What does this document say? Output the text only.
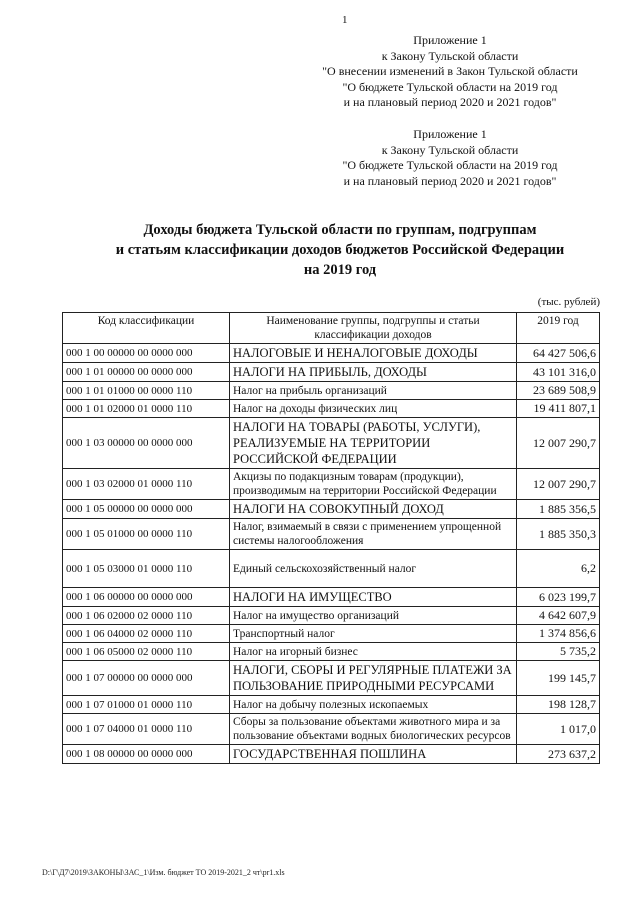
1
Приложение 1
к Закону Тульской области
"О внесении изменений в Закон Тульской области
"О бюджете Тульской области на 2019 год
и на плановый период 2020 и 2021 годов"
Приложение 1
к Закону Тульской области
"О бюджете Тульской области на 2019 год
и на плановый период 2020 и 2021 годов"
Доходы бюджета Тульской области по группам, подгруппам
и статьям классификации доходов бюджетов Российской Федерации
на 2019 год
(тыс. рублей)
Код классификации	Наименование группы, подгруппы и статьи классификации доходов	2019 год
000 1 00 00000 00 0000 000	НАЛОГОВЫЕ И НЕНАЛОГОВЫЕ ДОХОДЫ	64 427 506,6
000 1 01 00000 00 0000 000	НАЛОГИ НА ПРИБЫЛЬ, ДОХОДЫ	43 101 316,0
000 1 01 01000 00 0000 110	Налог на прибыль организаций	23 689 508,9
000 1 01 02000 01 0000 110	Налог на доходы физических лиц	19 411 807,1
000 1 03 00000 00 0000 000	НАЛОГИ НА ТОВАРЫ (РАБОТЫ, УСЛУГИ), РЕАЛИЗУЕМЫЕ НА ТЕРРИТОРИИ РОССИЙСКОЙ ФЕДЕРАЦИИ	12 007 290,7
000 1 03 02000 01 0000 110	Акцизы по подакцизным товарам (продукции), производимым на территории Российской Федерации	12 007 290,7
000 1 05 00000 00 0000 000	НАЛОГИ НА СОВОКУПНЫЙ ДОХОД	1 885 356,5
000 1 05 01000 00 0000 110	Налог, взимаемый в связи с применением упрощенной системы налогообложения	1 885 350,3
000 1 05 03000 01 0000 110	Единый сельскохозяйственный налог	6,2
000 1 06 00000 00 0000 000	НАЛОГИ НА ИМУЩЕСТВО	6 023 199,7
000 1 06 02000 02 0000 110	Налог на имущество организаций	4 642 607,9
000 1 06 04000 02 0000 110	Транспортный налог	1 374 856,6
000 1 06 05000 02 0000 110	Налог на игорный бизнес	5 735,2
000 1 07 00000 00 0000 000	НАЛОГИ, СБОРЫ И РЕГУЛЯРНЫЕ ПЛАТЕЖИ ЗА ПОЛЬЗОВАНИЕ ПРИРОДНЫМИ РЕСУРСАМИ	199 145,7
000 1 07 01000 01 0000 110	Налог на добычу полезных ископаемых	198 128,7
000 1 07 04000 01 0000 110	Сборы за пользование объектами животного мира и за пользование объектами водных биологических ресурсов	1 017,0
000 1 08 00000 00 0000 000	ГОСУДАРСТВЕННАЯ ПОШЛИНА	273 637,2
D:\Г\Д7\2019\ЗАКОНЫ\ЗАС_1\Изм. бюджет ТО 2019-2021_2 чт\pr1.xls
